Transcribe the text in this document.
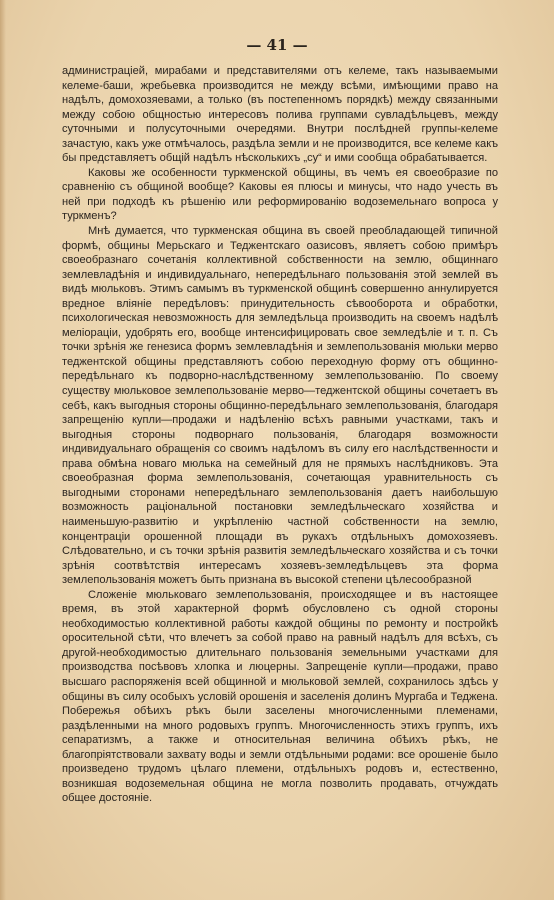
— 41 —

администрацiей, мирабами и представителями отъ келеме, такъ называемыми келеме-баши, жребьевка производится не между всѣми, имѣющими право на надѣлъ, домохозяевами, а только (въ постепенномъ порядкѣ) между связанными между собою общностью интересовъ полива группами сувладѣльцевъ, между суточными и полусуточными очередями. Внутри послѣдней группы-келеме зачастую, какъ уже отмѣчалось, раздѣла земли и не производится, все келеме какъ бы представляетъ общiй надѣлъ нѣсколькихъ „су“ и ими сообща обрабатывается.

Каковы же особенности туркменской общины, въ чемъ ея своеобразие по сравненiю съ общиной вообще? Каковы ея плюсы и минусы, что надо учесть въ ней при подходѣ къ рѣшенiю или реформированiю водоземельнаго вопроса у туркменъ?

Мнѣ думается, что туркменская община въ своей преобладающей типичной формѣ, общины Мерьскаго и Теджентскаго оазисовъ, являетъ собою примѣръ своеобразнаго сочетанiя коллективной собственности на землю, общиннаго землевладѣнiя и индивидуальнаго, непередѣльнаго пользованiя этой землей въ видѣ мюльковъ. Этимъ самымъ въ туркменской общинѣ совершенно аннулируется вредное влiянiе передѣловъ: принудительность сѣвооборота и обработки, психологическая невозможность для земледѣльца производить на своемъ надѣлѣ мелiорацiи, удобрять его, вообще интенсифицировать свое земледѣлiе и т. п. Съ точки зрѣнiя же генезиса формъ землевладѣнiя и землепользованiя мюльки мерво теджентской общины представляютъ собою переходную форму отъ общинно-передѣльнаго къ подворно-наслѣдственному землепользованiю. По своему существу мюльковое землепользованiе мерво—теджентской общины сочетаетъ въ себѣ, какъ выгодныя стороны общинно-передѣльнаго землепользованiя, благодаря запрещенiю купли—продажи и надѣленiю всѣхъ равными участками, такъ и выгодныя стороны подворнаго пользованiя, благодаря возможности индивидуальнаго обращенiя со своимъ надѣломъ въ силу его наслѣдственности и права обмѣна новаго мюлька на семейный для не прямыхъ наслѣдниковъ. Эта своеобразная форма землепользованiя, сочетающая уравнительность съ выгодными сторонами непередѣльнаго землепользованiя даетъ наибольшую возможность рацiональной постановки земледѣльческаго хозяйства и наименьшую-развитiю и укрѣпленiю частной собственности на землю, концентрацiи орошенной площади въ рукахъ отдѣльныхъ домохозяевъ. Слѣдовательно, и съ точки зрѣнiя развитiя земледѣльческаго хозяйства и съ точки зрѣнiя соотвѣтствiя интересамъ хозяевъ-земледѣльцевъ эта форма землепользованiя можетъ быть признана въ высокой степени цѣлесообразной

Сложенiе мюльковаго землепользованiя, происходящее и въ настоящее время, въ этой характерной формѣ обусловлено съ одной стороны необходимостью коллективной работы каждой общины по ремонту и постройкѣ оросительной сѣти, что влечетъ за собой право на равный надѣлъ для всѣхъ, съ другой-необходимостью длительнаго пользованiя земельными участками для производства посѣвовъ хлопка и люцерны. Запрещенiе купли—продажи, право высшаго распоряженiя всей общинной и мюльковой землей, сохранилось здѣсь у общины въ силу особыхъ условiй орошенiя и заселенiя долинъ Мургаба и Теджена. Побережья обѣихъ рѣкъ были заселены многочисленными племенами, раздѣленными на много родовыхъ группъ. Многочисленность этихъ группъ, ихъ сепаратизмъ, а также и относительная величина обѣихъ рѣкъ, не благопрiятствовали захвату воды и земли отдѣльными родами: все орошенiе было произведено трудомъ цѣлаго племени, отдѣльныхъ родовъ и, естественно, возникшая водоземельная община не могла позволить продавать, отчуждать общее достоянiе.
